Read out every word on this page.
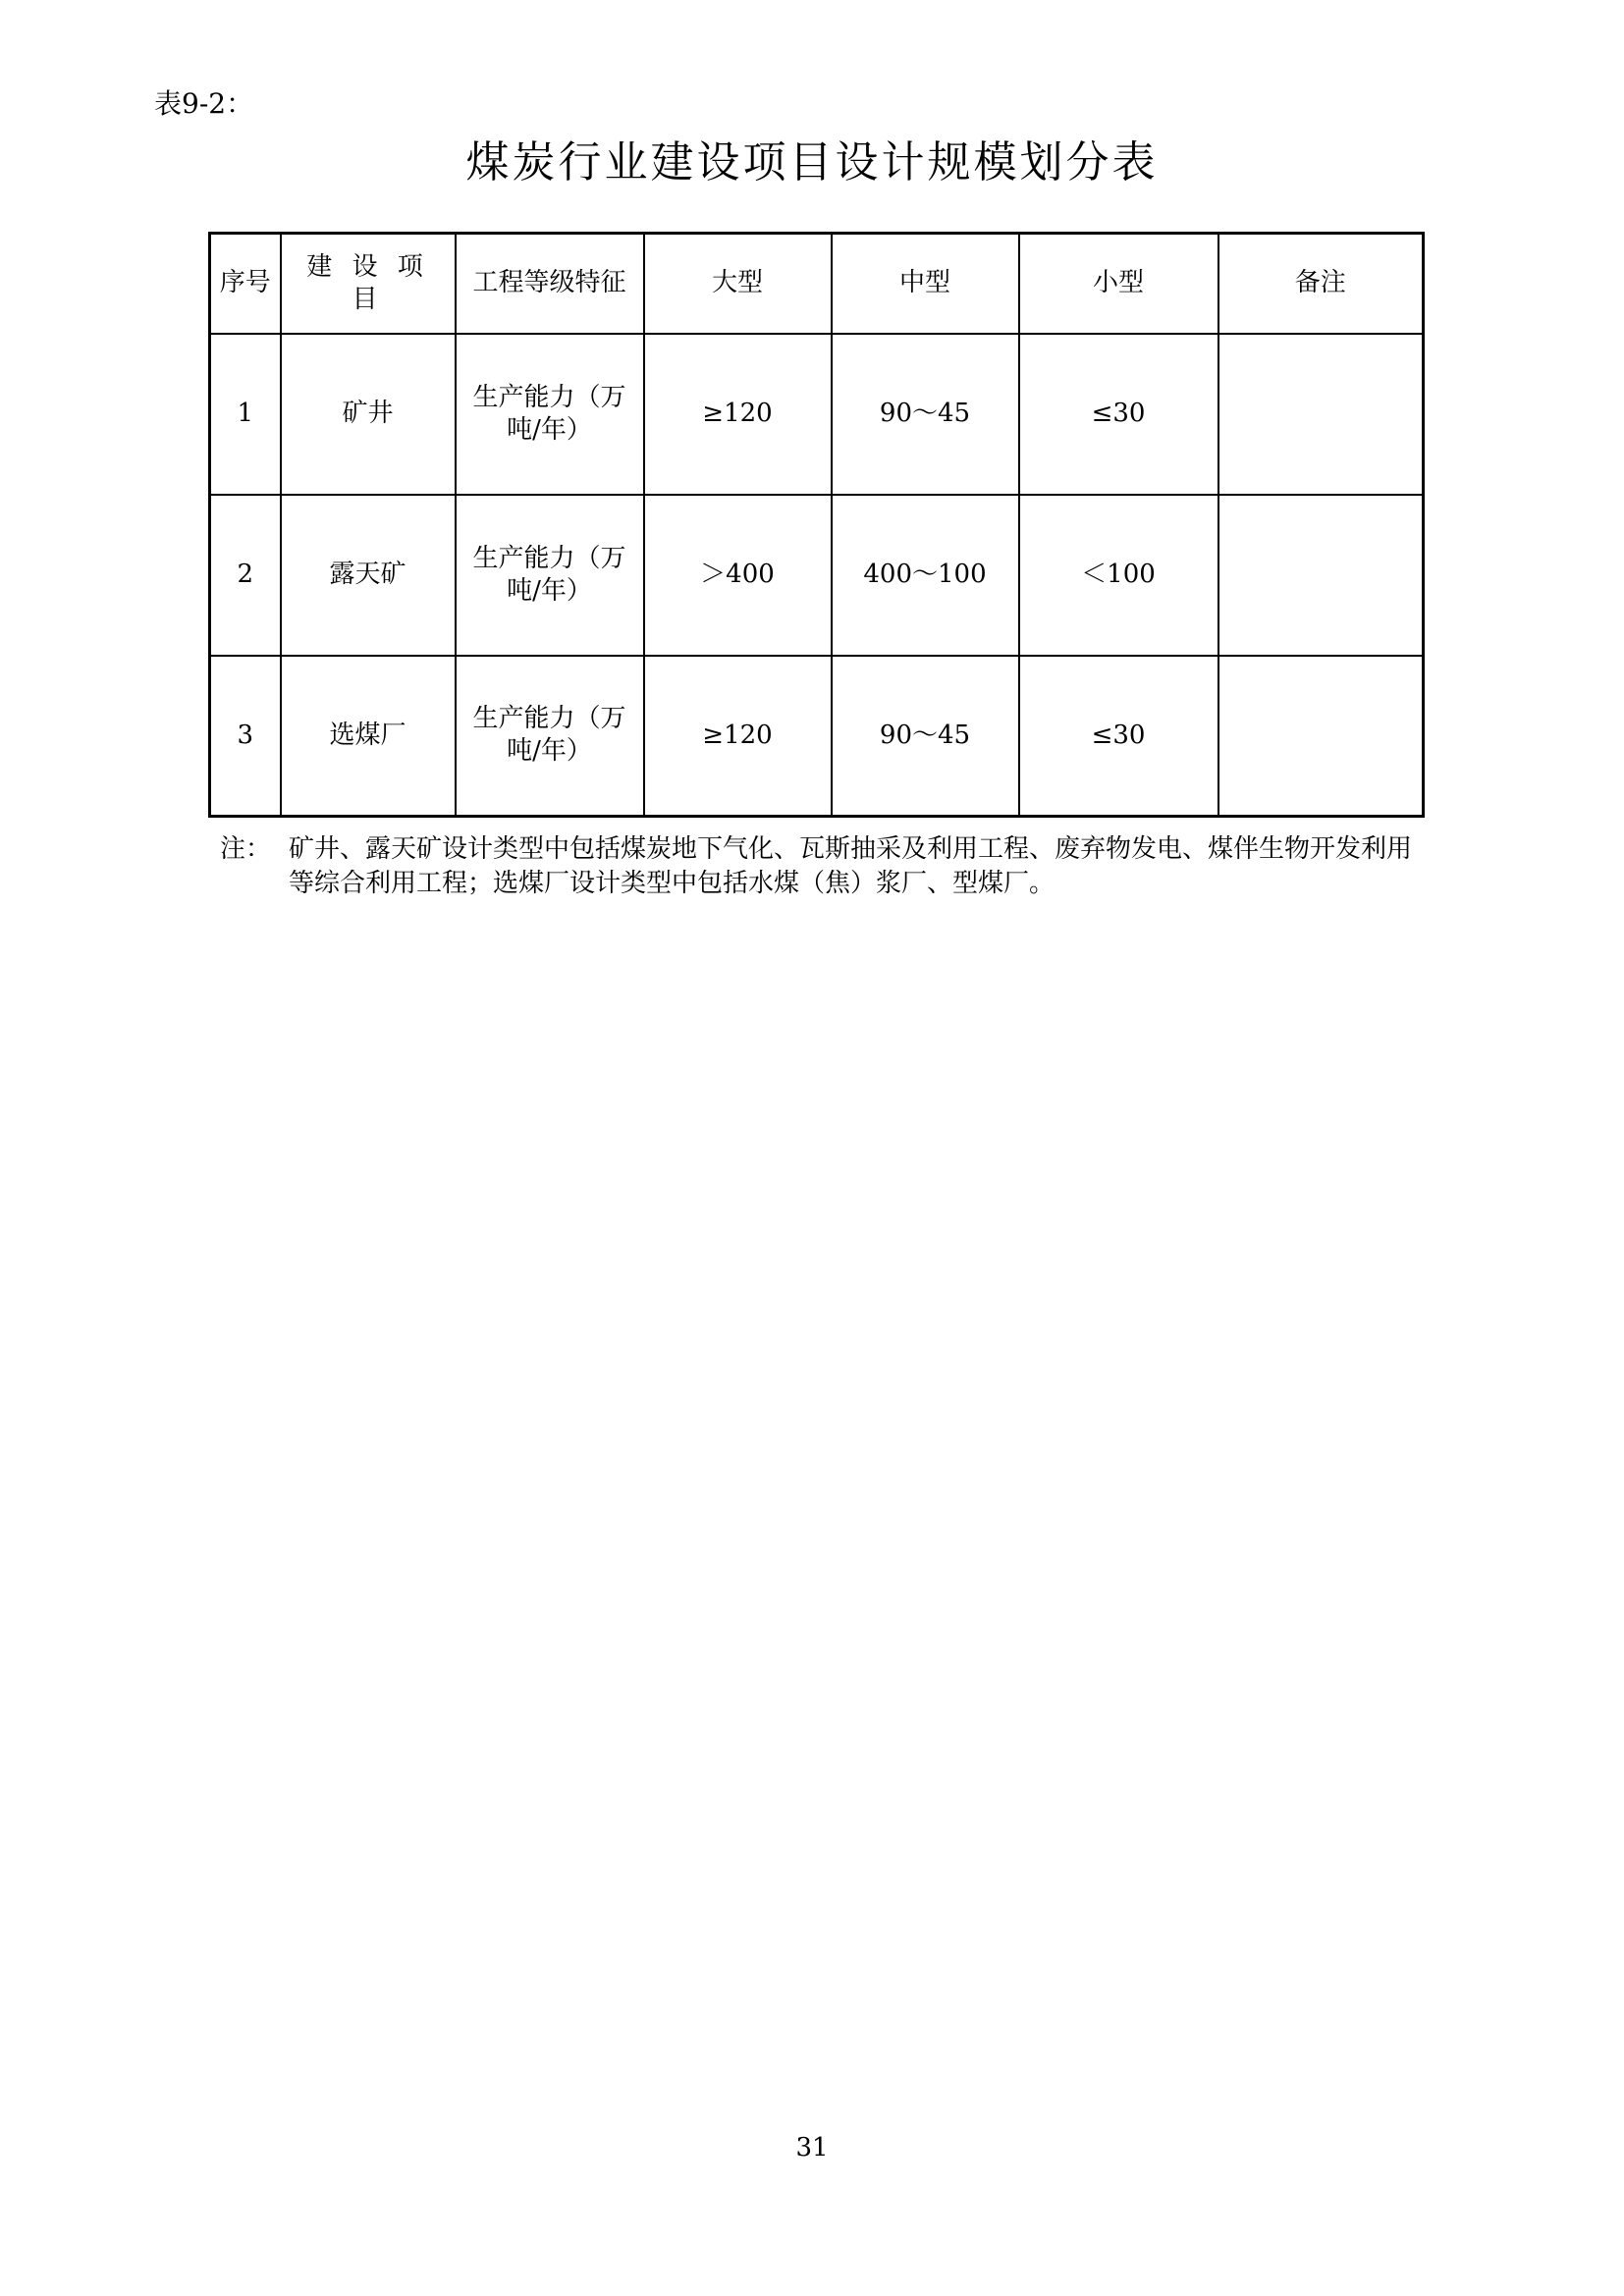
表9-2：
煤炭行业建设项目设计规模划分表
序号	建 设 项 目	工程等级特征	大型	中型	小型	备注
1	矿井	生产能力（万吨/年）	≥120	90～45	≤30	
2	露天矿	生产能力（万吨/年）	＞400	400～100	＜100	
3	选煤厂	生产能力（万吨/年）	≥120	90～45	≤30	
注： 矿井、露天矿设计类型中包括煤炭地下气化、瓦斯抽采及利用工程、废弃物发电、煤伴生物开发利用等综合利用工程；选煤厂设计类型中包括水煤（焦）浆厂、型煤厂。
31
